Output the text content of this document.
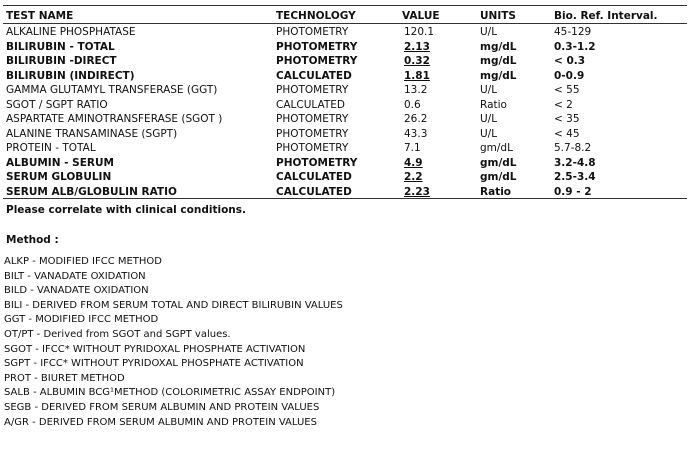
TEST NAME	TECHNOLOGY	VALUE	UNITS	Bio. Ref. Interval.
ALKALINE PHOSPHATASE	PHOTOMETRY	120.1	U/L	45-129
BILIRUBIN - TOTAL	PHOTOMETRY	2.13	mg/dL	0.3-1.2
BILIRUBIN -DIRECT	PHOTOMETRY	0.32	mg/dL	< 0.3
BILIRUBIN (INDIRECT)	CALCULATED	1.81	mg/dL	0-0.9
GAMMA GLUTAMYL TRANSFERASE (GGT)	PHOTOMETRY	13.2	U/L	< 55
SGOT / SGPT RATIO	CALCULATED	0.6	Ratio	< 2
ASPARTATE AMINOTRANSFERASE (SGOT )	PHOTOMETRY	26.2	U/L	< 35
ALANINE TRANSAMINASE (SGPT)	PHOTOMETRY	43.3	U/L	< 45
PROTEIN - TOTAL	PHOTOMETRY	7.1	gm/dL	5.7-8.2
ALBUMIN - SERUM	PHOTOMETRY	4.9	gm/dL	3.2-4.8
SERUM GLOBULIN	CALCULATED	2.2	gm/dL	2.5-3.4
SERUM ALB/GLOBULIN RATIO	CALCULATED	2.23	Ratio	0.9 - 2
Please correlate with clinical conditions.
Method :
ALKP - MODIFIED IFCC METHOD
BILT - VANADATE OXIDATION
BILD - VANADATE OXIDATION
BILI - DERIVED FROM SERUM TOTAL AND DIRECT BILIRUBIN VALUES
GGT - MODIFIED IFCC METHOD
OT/PT - Derived from SGOT and SGPT values.
SGOT - IFCC* WITHOUT PYRIDOXAL PHOSPHATE ACTIVATION
SGPT - IFCC* WITHOUT PYRIDOXAL PHOSPHATE ACTIVATION
PROT - BIURET METHOD
SALB - ALBUMIN BCG¹METHOD (COLORIMETRIC ASSAY ENDPOINT)
SEGB - DERIVED FROM SERUM ALBUMIN AND PROTEIN VALUES
A/GR - DERIVED FROM SERUM ALBUMIN AND PROTEIN VALUES
